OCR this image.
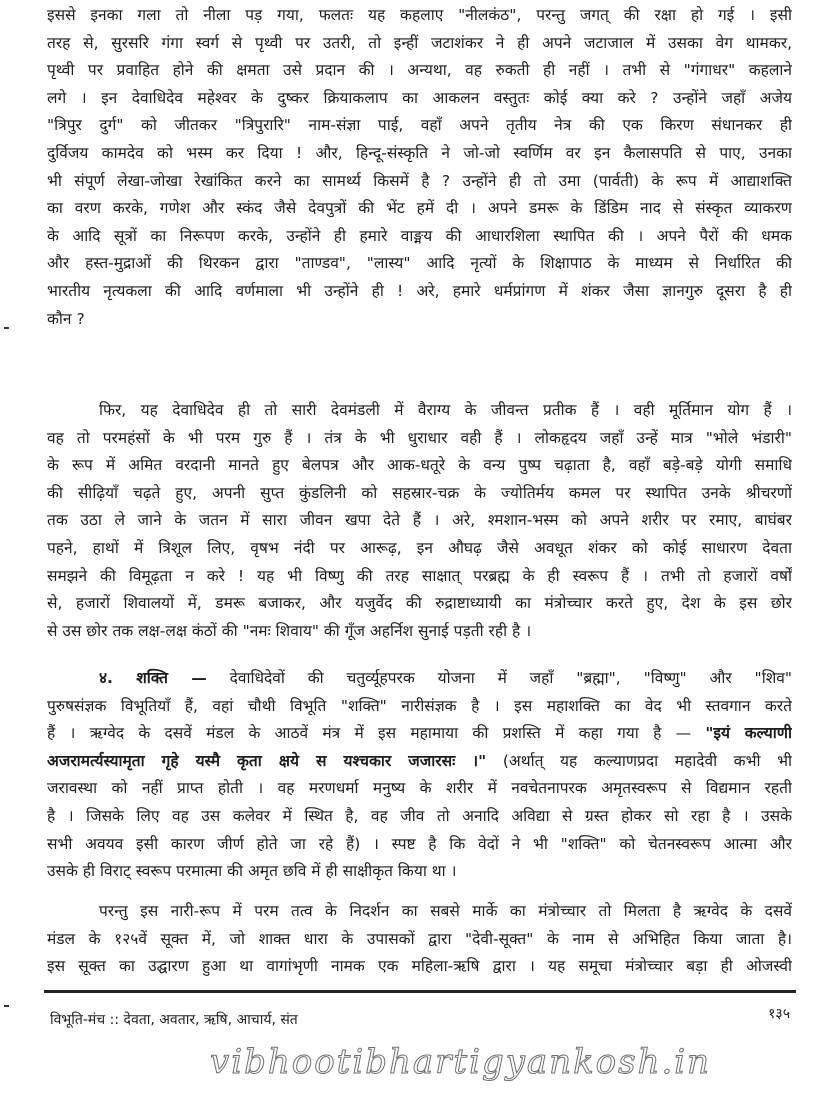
इससे इनका गला तो नीला पड़ गया, फलतः यह कहलाए "नीलकंठ", परन्तु जगत् की रक्षा हो गई । इसी
तरह से, सुरसरि गंगा स्वर्ग से पृथ्वी पर उतरी, तो इन्हीं जटाशंकर ने ही अपने जटाजाल में उसका वेग थामकर,
पृथ्वी पर प्रवाहित होने की क्षमता उसे प्रदान की । अन्यथा, वह रुकती ही नहीं । तभी से "गंगाधर" कहलाने
लगे । इन देवाधिदेव महेश्वर के दुष्कर क्रियाकलाप का आकलन वस्तुतः कोई क्या करे ? उन्होंने जहाँ अजेय
"त्रिपुर दुर्ग" को जीतकर "त्रिपुरारि" नाम-संज्ञा पाई, वहाँ अपने तृतीय नेत्र की एक किरण संधानकर ही
दुर्विजय कामदेव को भस्म कर दिया ! और, हिन्दू-संस्कृति ने जो-जो स्वर्णिम वर इन कैलासपति से पाए, उनका
भी संपूर्ण लेखा-जोखा रेखांकित करने का सामर्थ्य किसमें है ? उन्होंने ही तो उमा (पार्वती) के रूप में आद्याशक्ति
का वरण करके, गणेश और स्कंद जैसे देवपुत्रों की भेंट हमें दी । अपने डमरू के डिंडिम नाद से संस्कृत व्याकरण
के आदि सूत्रों का निरूपण करके, उन्होंने ही हमारे वाङ्मय की आधारशिला स्थापित की । अपने पैरों की धमक
और हस्त-मुद्राओं की थिरकन द्वारा "ताण्डव", "लास्य" आदि नृत्यों के शिक्षापाठ के माध्यम से निर्धारित की
भारतीय नृत्यकला की आदि वर्णमाला भी उन्होंने ही ! अरे, हमारे धर्मप्रांगण में शंकर जैसा ज्ञानगुरु दूसरा है ही
कौन ?
फिर, यह देवाधिदेव ही तो सारी देवमंडली में वैराग्य के जीवन्त प्रतीक हैं । वही मूर्तिमान योग हैं ।
वह तो परमहंसों के भी परम गुरु हैं । तंत्र के भी धुराधार वही हैं । लोकहृदय जहाँ उन्हें मात्र "भोले भंडारी"
के रूप में अमित वरदानी मानते हुए बेलपत्र और आक-धतूरे के वन्य पुष्प चढ़ाता है, वहाँ बड़े-बड़े योगी समाधि
की सीढ़ियाँ चढ़ते हुए, अपनी सुप्त कुंडलिनी को सहस्रार-चक्र के ज्योतिर्मय कमल पर स्थापित उनके श्रीचरणों
तक उठा ले जाने के जतन में सारा जीवन खपा देते हैं । अरे, श्मशान-भस्म को अपने शरीर पर रमाए, बाघंबर
पहने, हाथों में त्रिशूल लिए, वृषभ नंदी पर आरूढ़, इन औघढ़ जैसे अवधूत शंकर को कोई साधारण देवता
समझने की विमूढ़ता न करे ! यह भी विष्णु की तरह साक्षात् परब्रह्म के ही स्वरूप हैं । तभी तो हजारों वर्षों
से, हजारों शिवालयों में, डमरू बजाकर, और यजुर्वेद की रुद्राष्टाध्यायी का मंत्रोच्चार करते हुए, देश के इस छोर
से उस छोर तक लक्ष-लक्ष कंठों की "नमः शिवाय" की गूँज अहर्निश सुनाई पड़ती रही है ।
४. शक्ति — देवाधिदेवों की चतुर्व्यूहपरक योजना में जहाँ "ब्रह्मा", "विष्णु" और "शिव"
पुरुषसंज्ञक विभूतियाँ हैं, वहां चौथी विभूति "शक्ति" नारीसंज्ञक है । इस महाशक्ति का वेद भी स्तवगान करते
हैं । ऋग्वेद के दसवें मंडल के आठवें मंत्र में इस महामाया की प्रशस्ति में कहा गया है — "इयं कल्याणी
अजरामर्त्यस्यामृता गृहे यस्मै कृता क्षये स यश्चकार जजारसः ।" (अर्थात् यह कल्याणप्रदा महादेवी कभी भी
जरावस्था को नहीं प्राप्त होती । वह मरणधर्मा मनुष्य के शरीर में नवचेतनापरक अमृतस्वरूप से विद्यमान रहती
है । जिसके लिए वह उस कलेवर में स्थित है, वह जीव तो अनादि अविद्या से ग्रस्त होकर सो रहा है । उसके
सभी अवयव इसी कारण जीर्ण होते जा रहे हैं) । स्पष्ट है कि वेदों ने भी "शक्ति" को चेतनस्वरूप आत्मा और
उसके ही विराट् स्वरूप परमात्मा की अमृत छवि में ही साक्षीकृत किया था ।
परन्तु इस नारी-रूप में परम तत्व के निदर्शन का सबसे मार्के का मंत्रोच्चार तो मिलता है ऋग्वेद के दसवें
मंडल के १२५वें सूक्त में, जो शाक्त धारा के उपासकों द्वारा "देवी-सूक्त" के नाम से अभिहित किया जाता है।
इस सूक्त का उद्घारण हुआ था वागांभृणी नामक एक महिला-ऋषि द्वारा । यह समूचा मंत्रोच्चार बड़ा ही ओजस्वी
विभूति-मंच :: देवता, अवतार, ऋषि, आचार्य, संत	१३५
vibhootibhartigyankosh.in
